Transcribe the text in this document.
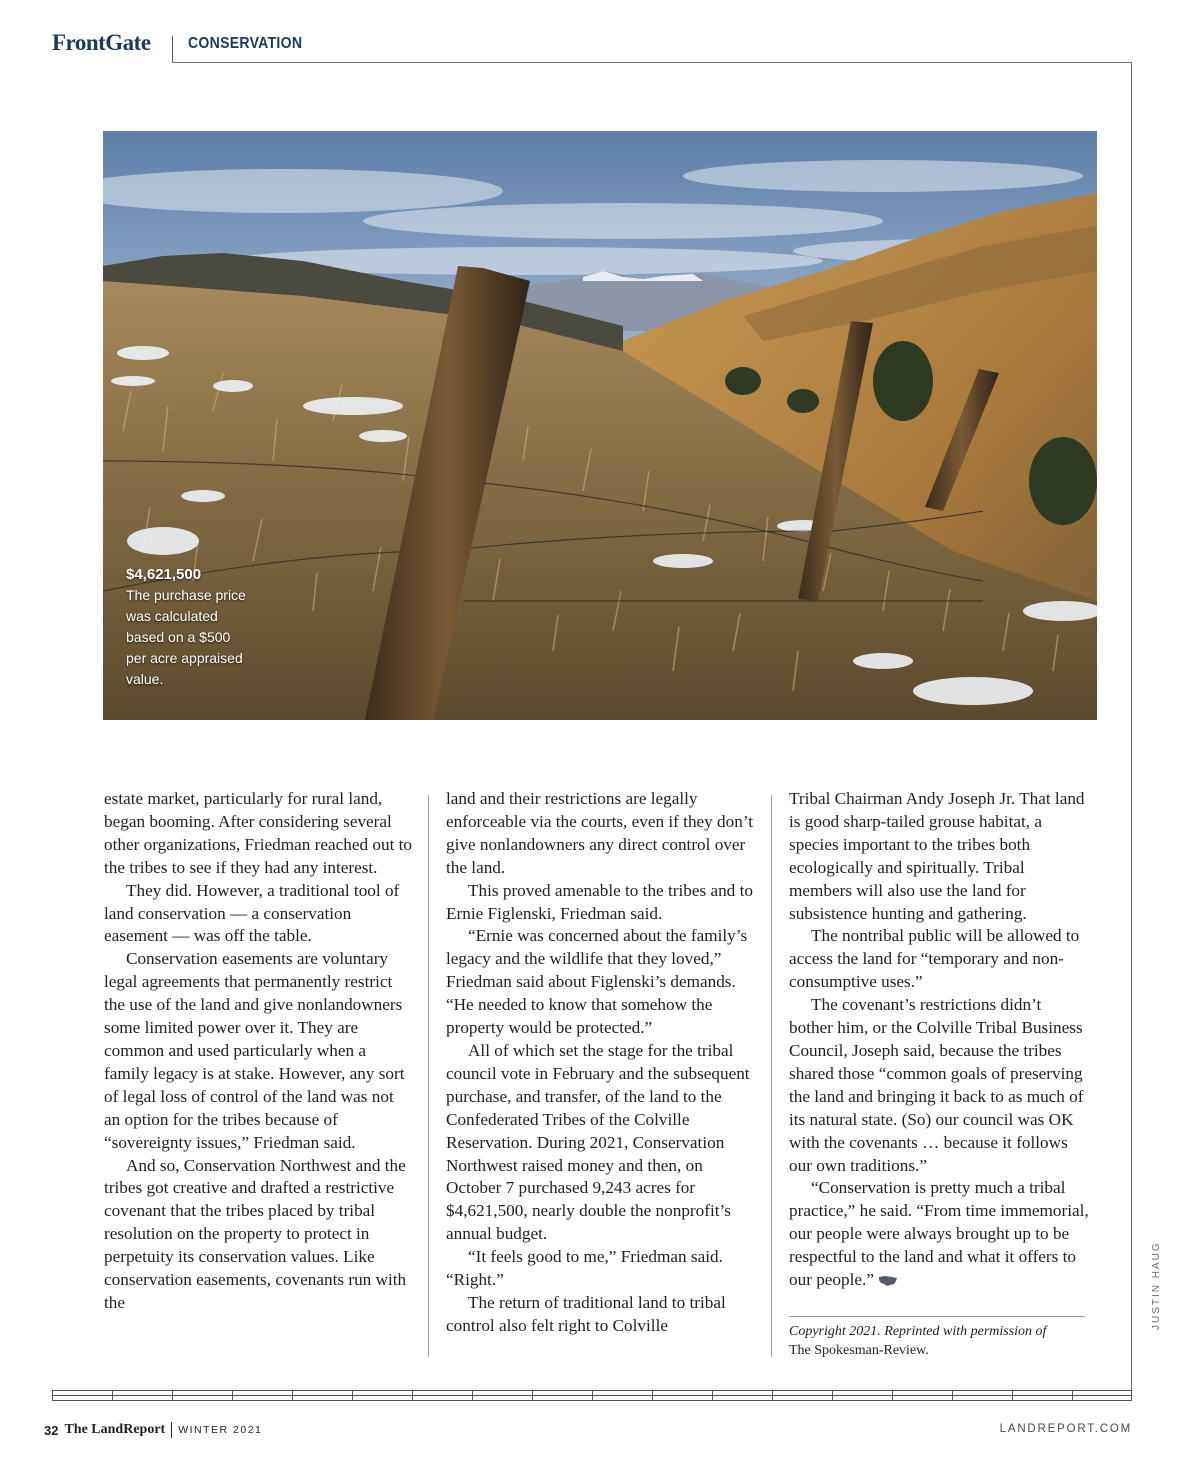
FrontGate CONSERVATION
$4,621,500
The purchase price was calculated based on a $500 per acre appraised value.

estate market, particularly for rural land, began booming. After considering several other organizations, Friedman reached out to the tribes to see if they had any interest.

They did. However, a traditional tool of land conservation — a conservation easement — was off the table.

Conservation easements are voluntary legal agreements that permanently restrict the use of the land and give nonlandowners some limited power over it. They are common and used particularly when a family legacy is at stake. However, any sort of legal loss of control of the land was not an option for the tribes because of “sovereignty issues,” Friedman said.

And so, Conservation Northwest and the tribes got creative and drafted a restrictive covenant that the tribes placed by tribal resolution on the property to protect in perpetuity its conservation values. Like conservation easements, covenants run with the

land and their restrictions are legally enforceable via the courts, even if they don’t give nonlandowners any direct control over the land.

This proved amenable to the tribes and to Ernie Figlenski, Friedman said.

“Ernie was concerned about the family’s legacy and the wildlife that they loved,” Friedman said about Figlenski’s demands. “He needed to know that somehow the property would be protected.”

All of which set the stage for the tribal council vote in February and the subsequent purchase, and transfer, of the land to the Confederated Tribes of the Colville Reservation. During 2021, Conservation Northwest raised money and then, on October 7 purchased 9,243 acres for $4,621,500, nearly double the nonprofit’s annual budget.

“It feels good to me,” Friedman said. “Right.”

The return of traditional land to tribal control also felt right to Colville

Tribal Chairman Andy Joseph Jr. That land is good sharp-tailed grouse habitat, a species important to the tribes both ecologically and spiritually. Tribal members will also use the land for subsistence hunting and gathering.

The nontribal public will be allowed to access the land for “temporary and non-consumptive uses.”

The covenant’s restrictions didn’t bother him, or the Colville Tribal Business Council, Joseph said, because the tribes shared those “common goals of preserving the land and bringing it back to as much of its natural state. (So) our council was OK with the covenants … because it follows our own traditions.”

“Conservation is pretty much a tribal practice,” he said. “From time immemorial, our people were always brought up to be respectful to the land and what it offers to our people.”

Copyright 2021. Reprinted with permission of
The Spokesman-Review.
JUSTIN HAUG
32 The LandReport WINTER 2021	LANDREPORT.COM
